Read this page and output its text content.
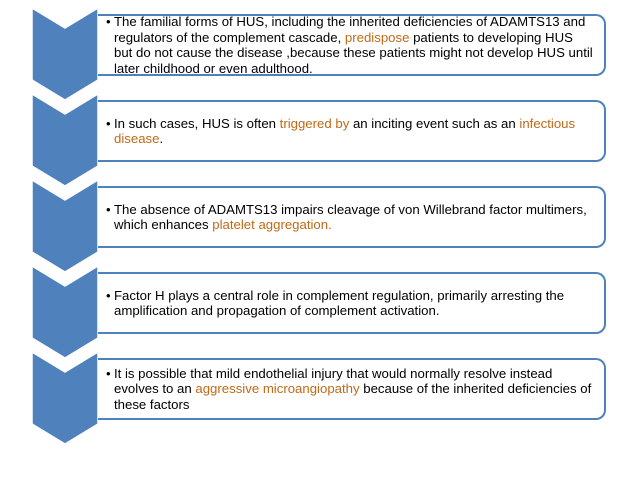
• The familial forms of HUS, including the inherited deficiencies of ADAMTS13 and regulators of the complement cascade, predispose patients to developing HUS but do not cause the disease ,because these patients might not develop HUS until later childhood or even adulthood.
• In such cases, HUS is often triggered by an inciting event such as an infectious disease.
• The absence of ADAMTS13 impairs cleavage of von Willebrand factor multimers, which enhances platelet aggregation.
• Factor H plays a central role in complement regulation, primarily arresting the amplification and propagation of complement activation.
• It is possible that mild endothelial injury that would normally resolve instead evolves to an aggressive microangiopathy because of the inherited deficiencies of these factors
